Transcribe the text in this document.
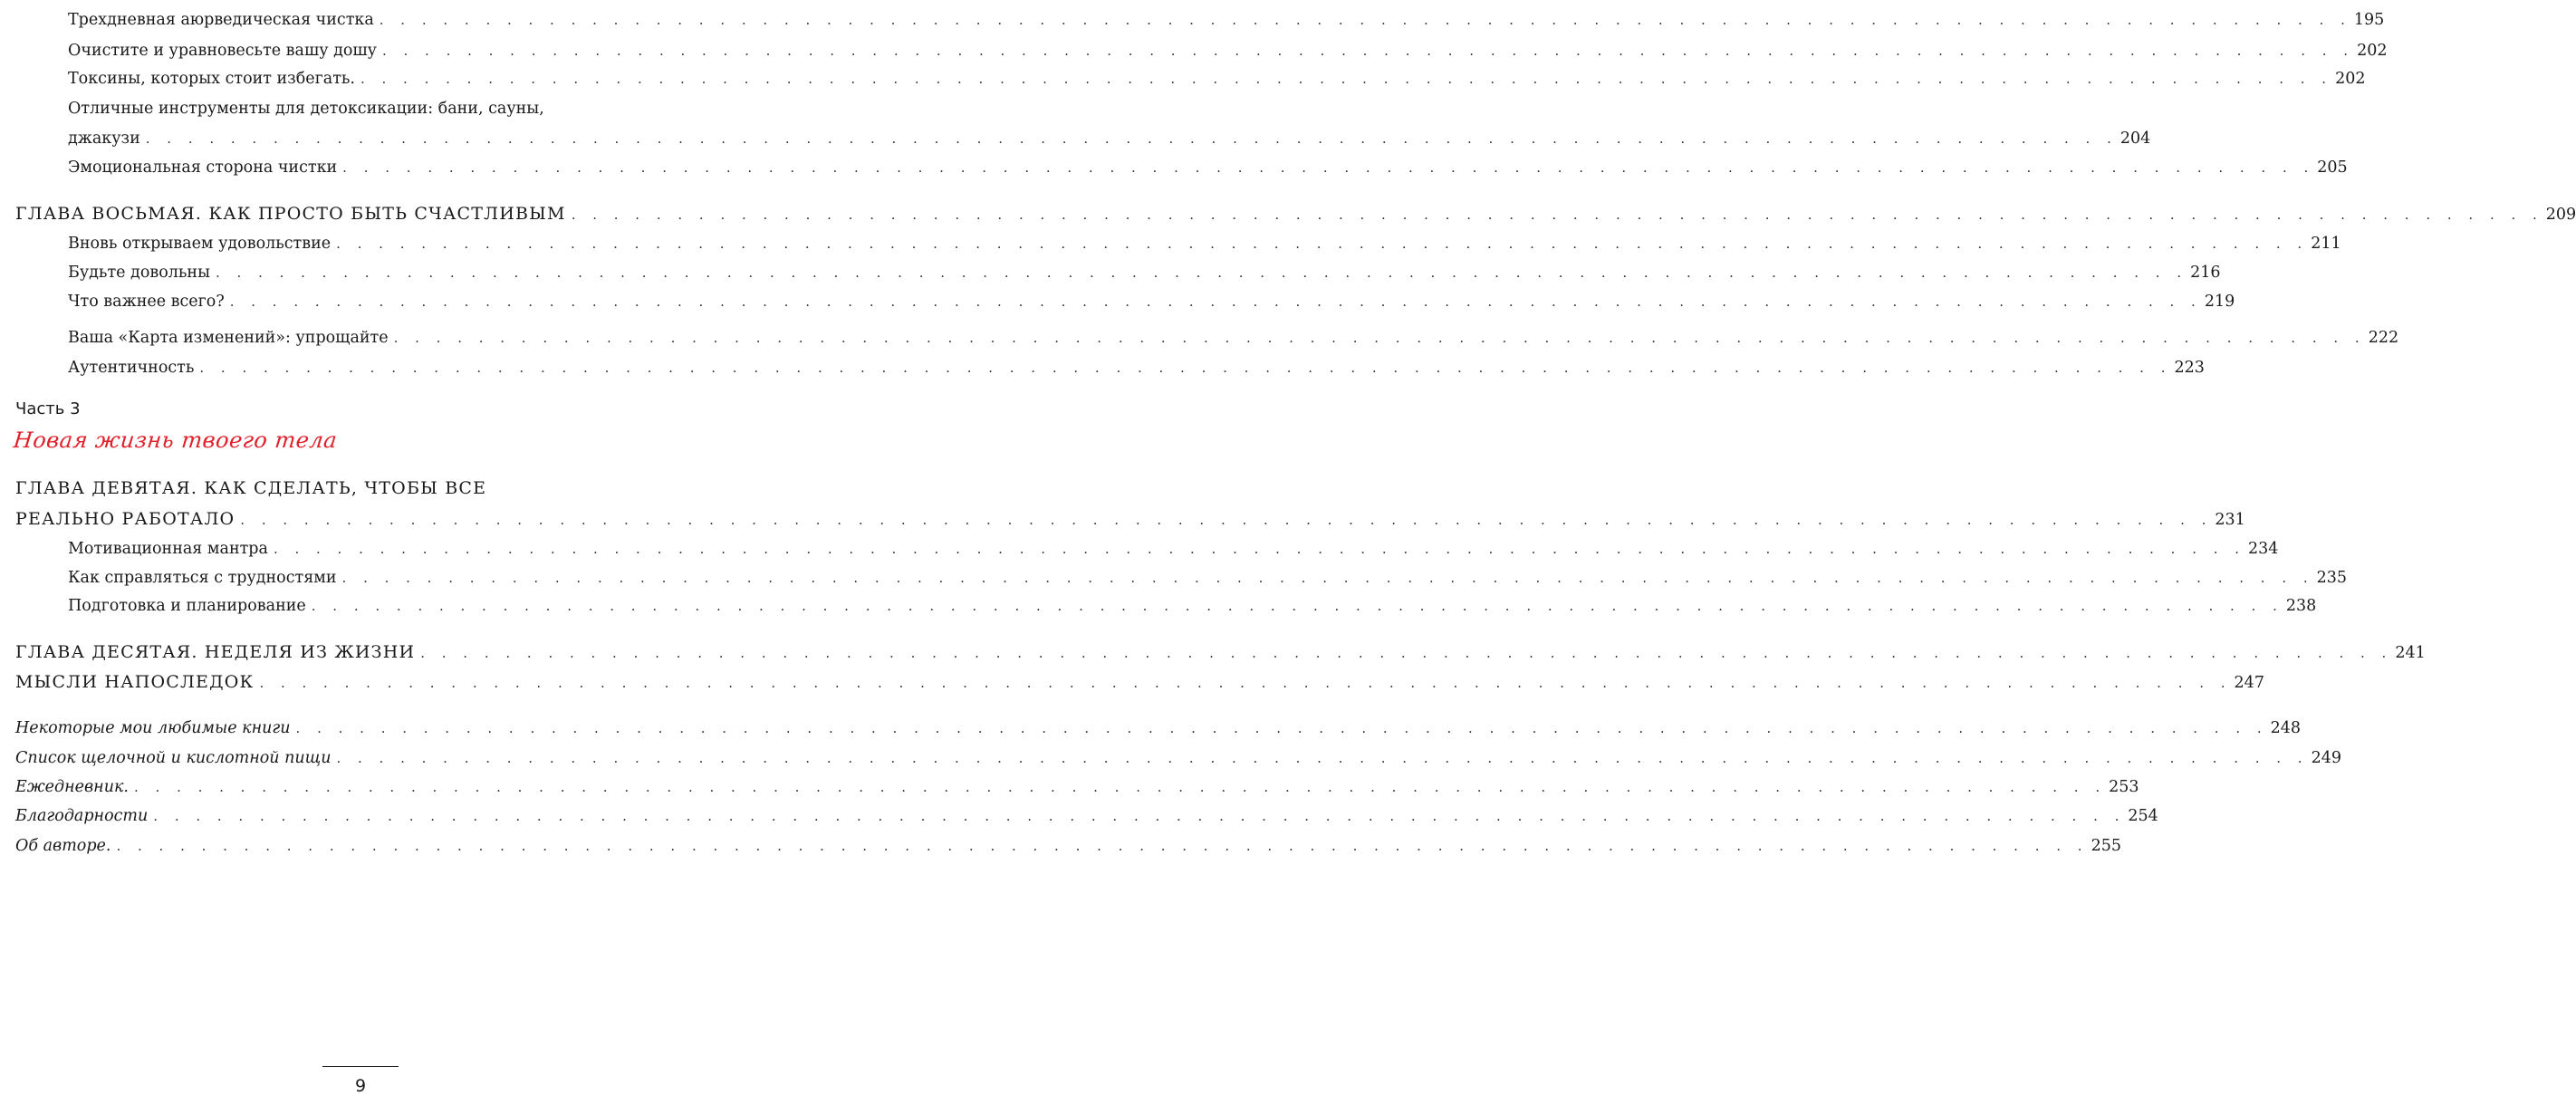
Трехдневная аюрведическая чистка . . . . . . . . . . . . . . . . . . . . . . . . . . . . . . . . . . . . . . . . . . . . . . . . . . . . . . . . . . . . . . . . . . . . . . . . . . . . . . . . . . . . . . . . . . . . . 195
Очистите и уравновесьте вашу дошу . . . . . . . . . . . . . . . . . . . . . . . . . . . . . . . . . . . . . . . . . . . . . . . . . . . . . . . . . . . . . . . . . . . . . . . . . . . . . . . . . . . . . . . . . . . . . 202
Токсины, которых стоит избегать. . . . . . . . . . . . . . . . . . . . . . . . . . . . . . . . . . . . . . . . . . . . . . . . . . . . . . . . . . . . . . . . . . . . . . . . . . . . . . . . . . . . . . . . . . . . . . 202
Отличные инструменты для детоксикации: бани, сауны,
джакузи . . . . . . . . . . . . . . . . . . . . . . . . . . . . . . . . . . . . . . . . . . . . . . . . . . . . . . . . . . . . . . . . . . . . . . . . . . . . . . . . . . . . . . . . . . . . . 204
Эмоциональная сторона чистки . . . . . . . . . . . . . . . . . . . . . . . . . . . . . . . . . . . . . . . . . . . . . . . . . . . . . . . . . . . . . . . . . . . . . . . . . . . . . . . . . . . . . . . . . . . . . 205
ГЛАВА ВОСЬМАЯ. КАК ПРОСТО БЫТЬ СЧАСТЛИВЫМ . . . . . . . . . . . . . . . . . . . . . . . . . . . . . . . . . . . . . . . . . . . . . . . . . . . . . . . . . . . . . . . . . . . . . . . . . . . . . . . . . . . . . . . . . . . . . 209
Вновь открываем удовольствие . . . . . . . . . . . . . . . . . . . . . . . . . . . . . . . . . . . . . . . . . . . . . . . . . . . . . . . . . . . . . . . . . . . . . . . . . . . . . . . . . . . . . . . . . . . . . 211
Будьте довольны . . . . . . . . . . . . . . . . . . . . . . . . . . . . . . . . . . . . . . . . . . . . . . . . . . . . . . . . . . . . . . . . . . . . . . . . . . . . . . . . . . . . . . . . . . . . . 216
Что важнее всего? . . . . . . . . . . . . . . . . . . . . . . . . . . . . . . . . . . . . . . . . . . . . . . . . . . . . . . . . . . . . . . . . . . . . . . . . . . . . . . . . . . . . . . . . . . . . . 219
Ваша «Карта изменений»: упрощайте . . . . . . . . . . . . . . . . . . . . . . . . . . . . . . . . . . . . . . . . . . . . . . . . . . . . . . . . . . . . . . . . . . . . . . . . . . . . . . . . . . . . . . . . . . . . . 222
Аутентичность . . . . . . . . . . . . . . . . . . . . . . . . . . . . . . . . . . . . . . . . . . . . . . . . . . . . . . . . . . . . . . . . . . . . . . . . . . . . . . . . . . . . . . . . . . . . . 223
Часть 3
Новая жизнь твоего тела
ГЛАВА ДЕВЯТАЯ. КАК СДЕЛАТЬ, ЧТОБЫ ВСЕ
РЕАЛЬНО РАБОТАЛО . . . . . . . . . . . . . . . . . . . . . . . . . . . . . . . . . . . . . . . . . . . . . . . . . . . . . . . . . . . . . . . . . . . . . . . . . . . . . . . . . . . . . . . . . . . . . 231
Мотивационная мантра . . . . . . . . . . . . . . . . . . . . . . . . . . . . . . . . . . . . . . . . . . . . . . . . . . . . . . . . . . . . . . . . . . . . . . . . . . . . . . . . . . . . . . . . . . . . . 234
Как справляться с трудностями . . . . . . . . . . . . . . . . . . . . . . . . . . . . . . . . . . . . . . . . . . . . . . . . . . . . . . . . . . . . . . . . . . . . . . . . . . . . . . . . . . . . . . . . . . . . . 235
Подготовка и планирование . . . . . . . . . . . . . . . . . . . . . . . . . . . . . . . . . . . . . . . . . . . . . . . . . . . . . . . . . . . . . . . . . . . . . . . . . . . . . . . . . . . . . . . . . . . . . 238
ГЛАВА ДЕСЯТАЯ. НЕДЕЛЯ ИЗ ЖИЗНИ . . . . . . . . . . . . . . . . . . . . . . . . . . . . . . . . . . . . . . . . . . . . . . . . . . . . . . . . . . . . . . . . . . . . . . . . . . . . . . . . . . . . . . . . . . . . . 241
МЫСЛИ НАПОСЛЕДОК . . . . . . . . . . . . . . . . . . . . . . . . . . . . . . . . . . . . . . . . . . . . . . . . . . . . . . . . . . . . . . . . . . . . . . . . . . . . . . . . . . . . . . . . . . . . . 247
Некоторые мои любимые книги . . . . . . . . . . . . . . . . . . . . . . . . . . . . . . . . . . . . . . . . . . . . . . . . . . . . . . . . . . . . . . . . . . . . . . . . . . . . . . . . . . . . . . . . . . . . . 248
Список щелочной и кислотной пищи . . . . . . . . . . . . . . . . . . . . . . . . . . . . . . . . . . . . . . . . . . . . . . . . . . . . . . . . . . . . . . . . . . . . . . . . . . . . . . . . . . . . . . . . . . . . . 249
Ежедневник. . . . . . . . . . . . . . . . . . . . . . . . . . . . . . . . . . . . . . . . . . . . . . . . . . . . . . . . . . . . . . . . . . . . . . . . . . . . . . . . . . . . . . . . . . . . . . 253
Благодарности . . . . . . . . . . . . . . . . . . . . . . . . . . . . . . . . . . . . . . . . . . . . . . . . . . . . . . . . . . . . . . . . . . . . . . . . . . . . . . . . . . . . . . . . . . . . . 254
Об авторе. . . . . . . . . . . . . . . . . . . . . . . . . . . . . . . . . . . . . . . . . . . . . . . . . . . . . . . . . . . . . . . . . . . . . . . . . . . . . . . . . . . . . . . . . . . . . . 255
9
